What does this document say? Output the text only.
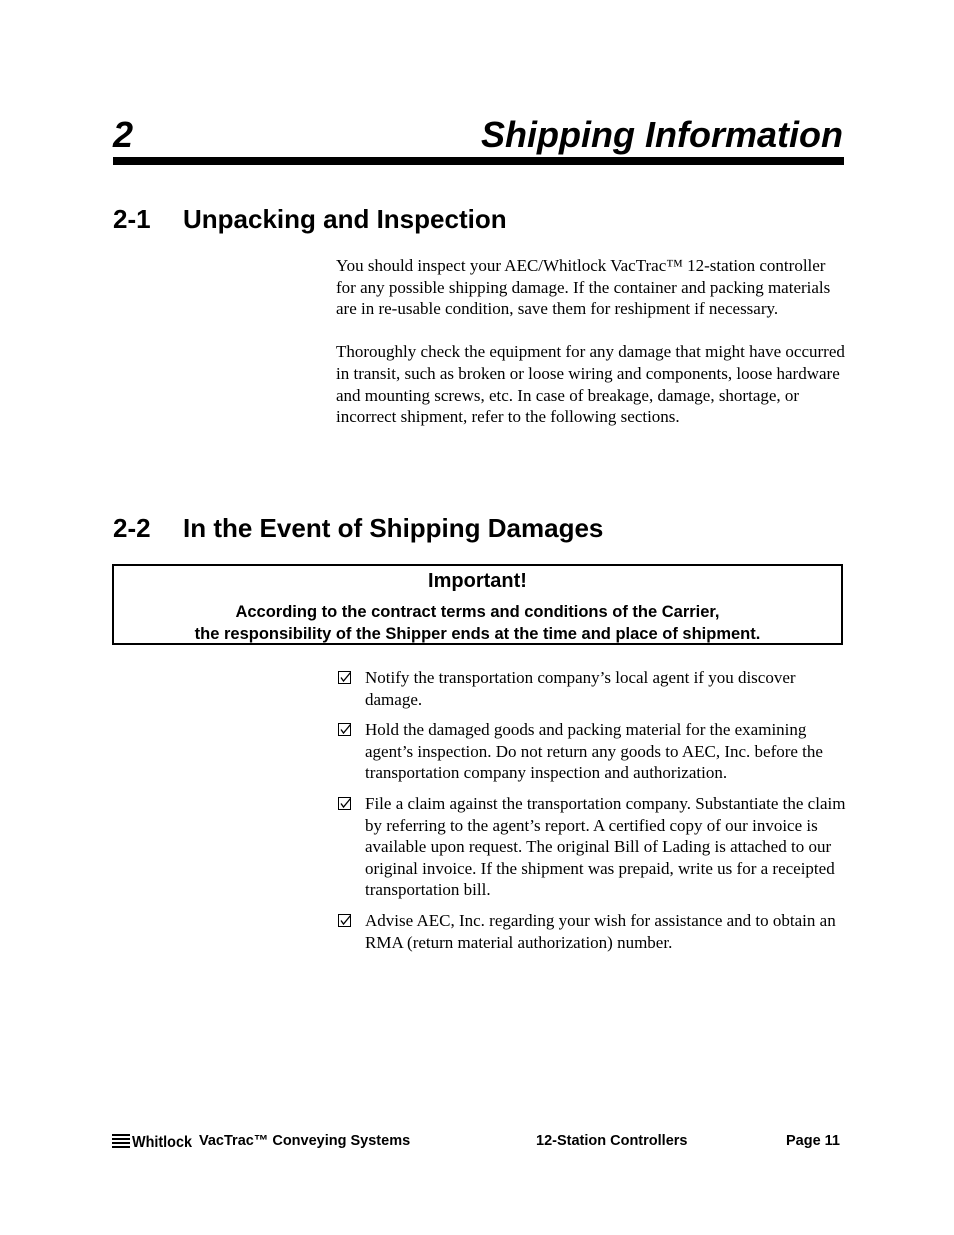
2	Shipping Information
2-1 Unpacking and Inspection

You should inspect your AEC/Whitlock VacTrac™ 12-station controller for any possible shipping damage. If the container and packing materials are in re-usable condition, save them for reshipment if necessary.

Thoroughly check the equipment for any damage that might have occurred in transit, such as broken or loose wiring and components, loose hardware and mounting screws, etc. In case of breakage, damage, shortage, or incorrect shipment, refer to the following sections.

2-2 In the Event of Shipping Damages
Important!
According to the contract terms and conditions of the Carrier,
the responsibility of the Shipper ends at the time and place of shipment.
Notify the transportation company’s local agent if you discover damage.
Hold the damaged goods and packing material for the examining agent’s inspection. Do not return any goods to AEC, Inc. before the transportation company inspection and authorization.
File a claim against the transportation company. Substantiate the claim by referring to the agent’s report. A certified copy of our invoice is available upon request. The original Bill of Lading is attached to our original invoice. If the shipment was prepaid, write us for a receipted transportation bill.
Advise AEC, Inc. regarding your wish for assistance and to obtain an RMA (return material authorization) number.
Whitlock VacTrac™ Conveying Systems	12-Station Controllers	Page 11
